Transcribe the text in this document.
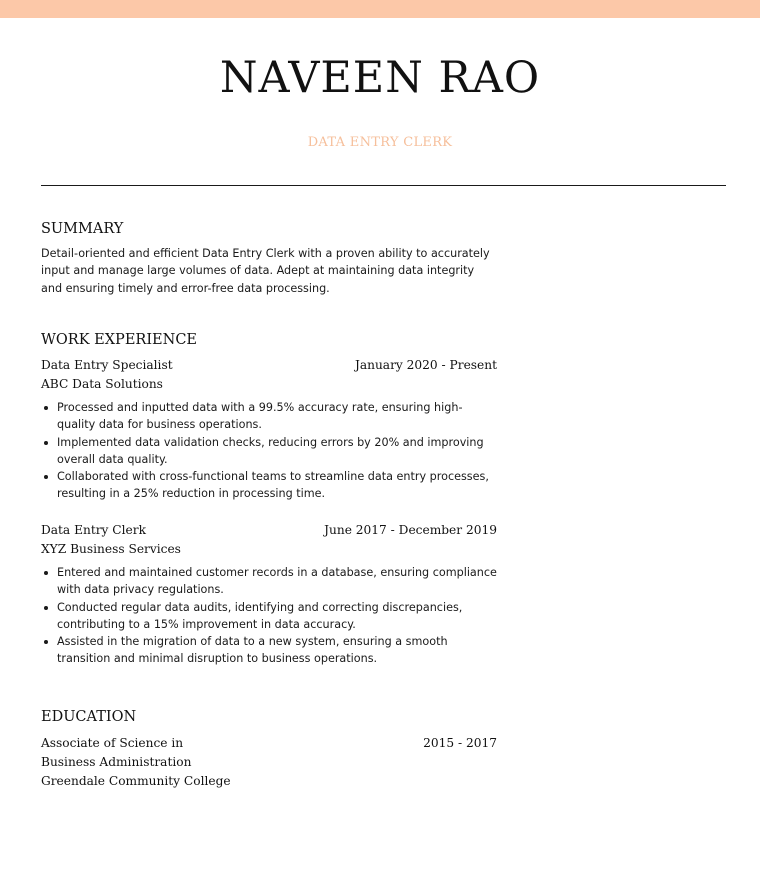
NAVEEN RAO
DATA ENTRY CLERK
SUMMARY
Detail-oriented and efficient Data Entry Clerk with a proven ability to accurately input and manage large volumes of data. Adept at maintaining data integrity and ensuring timely and error-free data processing.
WORK EXPERIENCE
Data Entry Specialist	January 2020 - Present
ABC Data Solutions
Processed and inputted data with a 99.5% accuracy rate, ensuring high-quality data for business operations.
Implemented data validation checks, reducing errors by 20% and improving overall data quality.
Collaborated with cross-functional teams to streamline data entry processes, resulting in a 25% reduction in processing time.
Data Entry Clerk	June 2017 - December 2019
XYZ Business Services
Entered and maintained customer records in a database, ensuring compliance with data privacy regulations.
Conducted regular data audits, identifying and correcting discrepancies, contributing to a 15% improvement in data accuracy.
Assisted in the migration of data to a new system, ensuring a smooth transition and minimal disruption to business operations.
EDUCATION
Associate of Science in Business Administration
2015 - 2017
Greendale Community College
